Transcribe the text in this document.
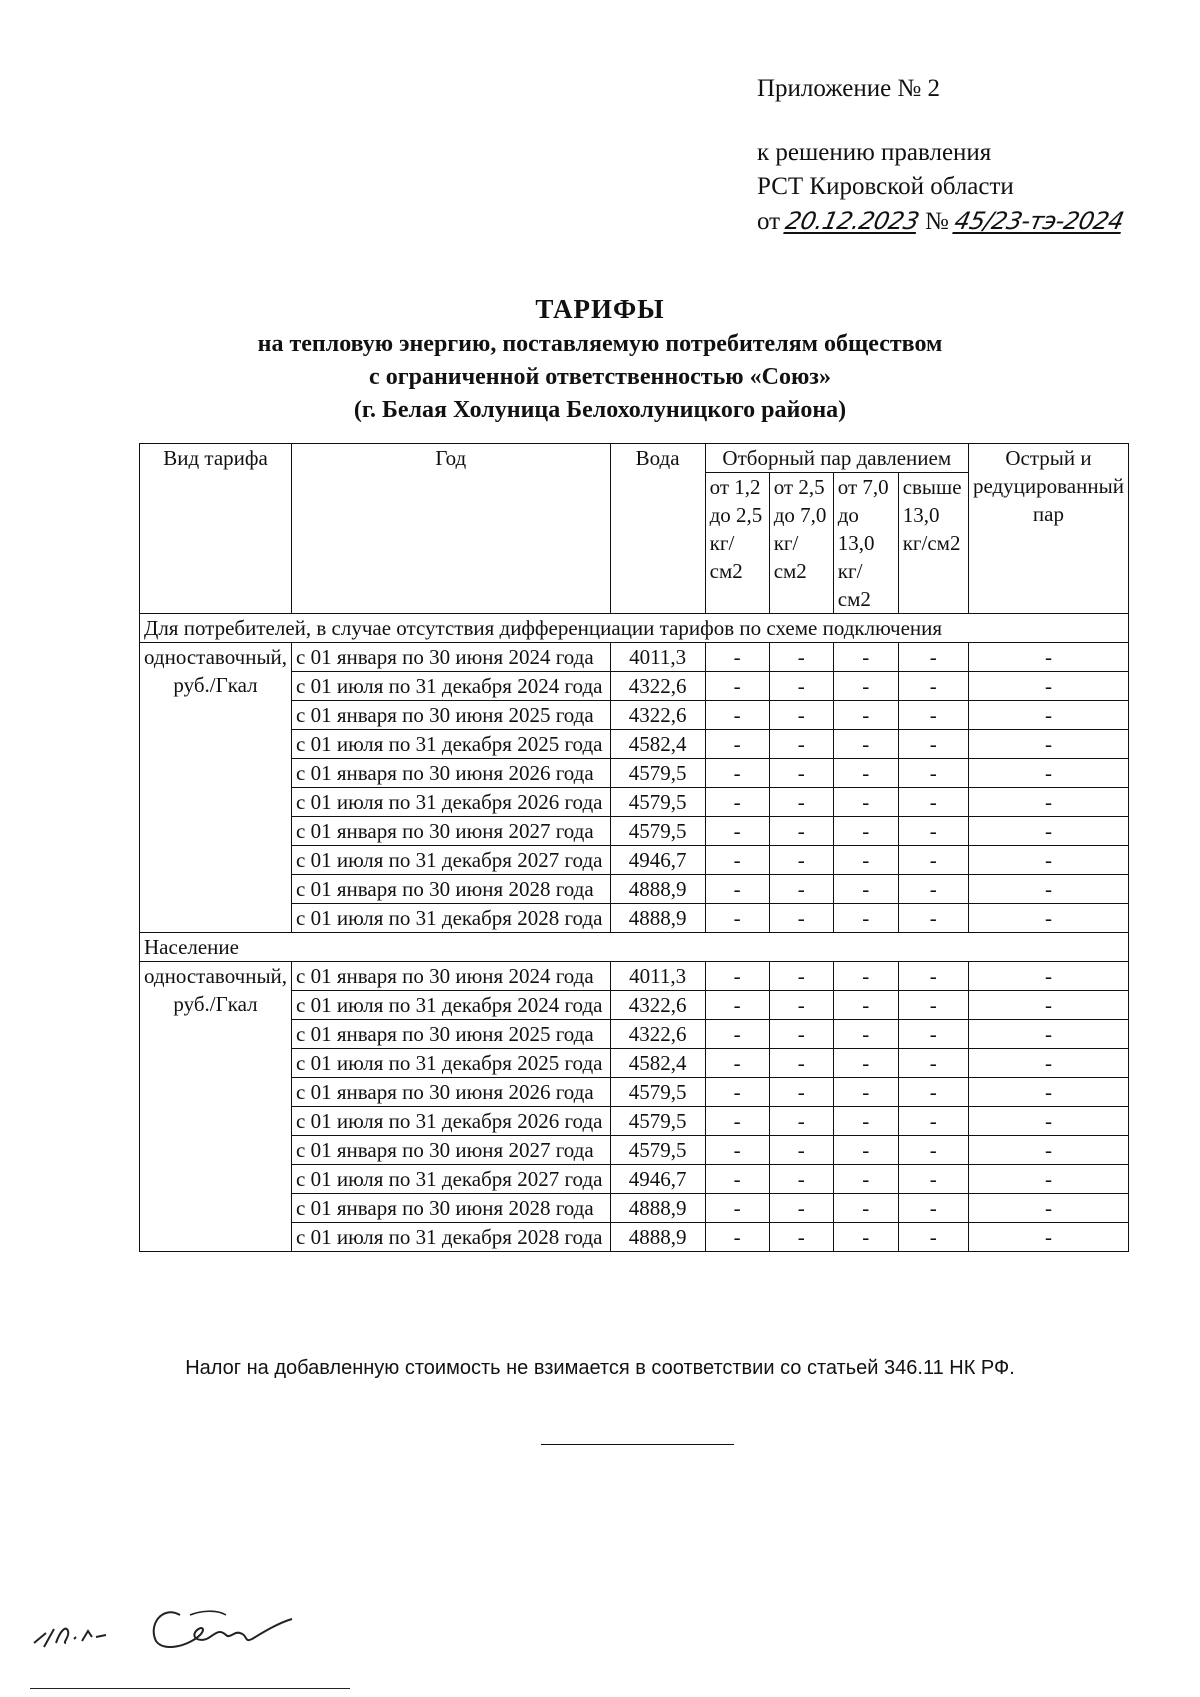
Приложение № 2
к решению правления
РСТ Кировской области
от 20.12.2023 № 45/23-тэ-2024
ТАРИФЫ
на тепловую энергию, поставляемую потребителям обществом
с ограниченной ответственностью «Союз»
(г. Белая Холуница Белохолуницкого района)
Вид тарифа	Год	Вода	Отборный пар давлением				Острый и редуцированный пар
			от 1,2 до 2,5 кг/см2	от 2,5 до 7,0 кг/см2	от 7,0 до 13,0 кг/см2	свыше 13,0 кг/см2	
Для потребителей, в случае отсутствия дифференциации тарифов по схеме подключения							
одноставочный, руб./Гкал	с 01 января по 30 июня 2024 года	4011,3	-	-	-	-	-
	с 01 июля по 31 декабря 2024 года	4322,6	-	-	-	-	-
	с 01 января по 30 июня 2025 года	4322,6	-	-	-	-	-
	с 01 июля по 31 декабря 2025 года	4582,4	-	-	-	-	-
	с 01 января по 30 июня 2026 года	4579,5	-	-	-	-	-
	с 01 июля по 31 декабря 2026 года	4579,5	-	-	-	-	-
	с 01 января по 30 июня 2027 года	4579,5	-	-	-	-	-
	с 01 июля по 31 декабря 2027 года	4946,7	-	-	-	-	-
	с 01 января по 30 июня 2028 года	4888,9	-	-	-	-	-
	с 01 июля по 31 декабря 2028 года	4888,9	-	-	-	-	-
Население							
одноставочный, руб./Гкал	с 01 января по 30 июня 2024 года	4011,3	-	-	-	-	-
	с 01 июля по 31 декабря 2024 года	4322,6	-	-	-	-	-
	с 01 января по 30 июня 2025 года	4322,6	-	-	-	-	-
	с 01 июля по 31 декабря 2025 года	4582,4	-	-	-	-	-
	с 01 января по 30 июня 2026 года	4579,5	-	-	-	-	-
	с 01 июля по 31 декабря 2026 года	4579,5	-	-	-	-	-
	с 01 января по 30 июня 2027 года	4579,5	-	-	-	-	-
	с 01 июля по 31 декабря 2027 года	4946,7	-	-	-	-	-
	с 01 января по 30 июня 2028 года	4888,9	-	-	-	-	-
	с 01 июля по 31 декабря 2028 года	4888,9	-	-	-	-	-
Налог на добавленную стоимость не взимается в соответствии со статьей 346.11 НК РФ.
